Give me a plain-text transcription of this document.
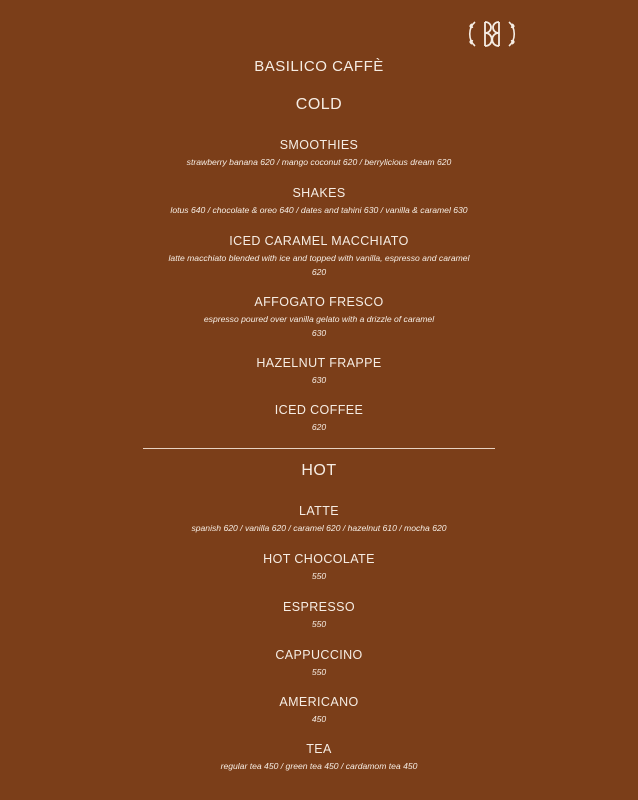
BASILICO CAFFÈ
COLD
SMOOTHIES
strawberry banana 620 / mango coconut 620 / berrylicious dream 620
SHAKES
lotus 640 / chocolate & oreo 640 / dates and tahini 630 / vanilla & caramel 630
ICED CARAMEL MACCHIATO
latte macchiato blended with ice and topped with vanilla, espresso and caramel
620
AFFOGATO FRESCO
espresso poured over vanilla gelato with a drizzle of caramel
630
HAZELNUT FRAPPE
630
ICED COFFEE
620
HOT
LATTE
spanish 620 / vanilla 620 / caramel 620 / hazelnut 610 / mocha 620
HOT CHOCOLATE
550
ESPRESSO
550
CAPPUCCINO
550
AMERICANO
450
TEA
regular tea 450 / green tea 450 / cardamom tea 450
